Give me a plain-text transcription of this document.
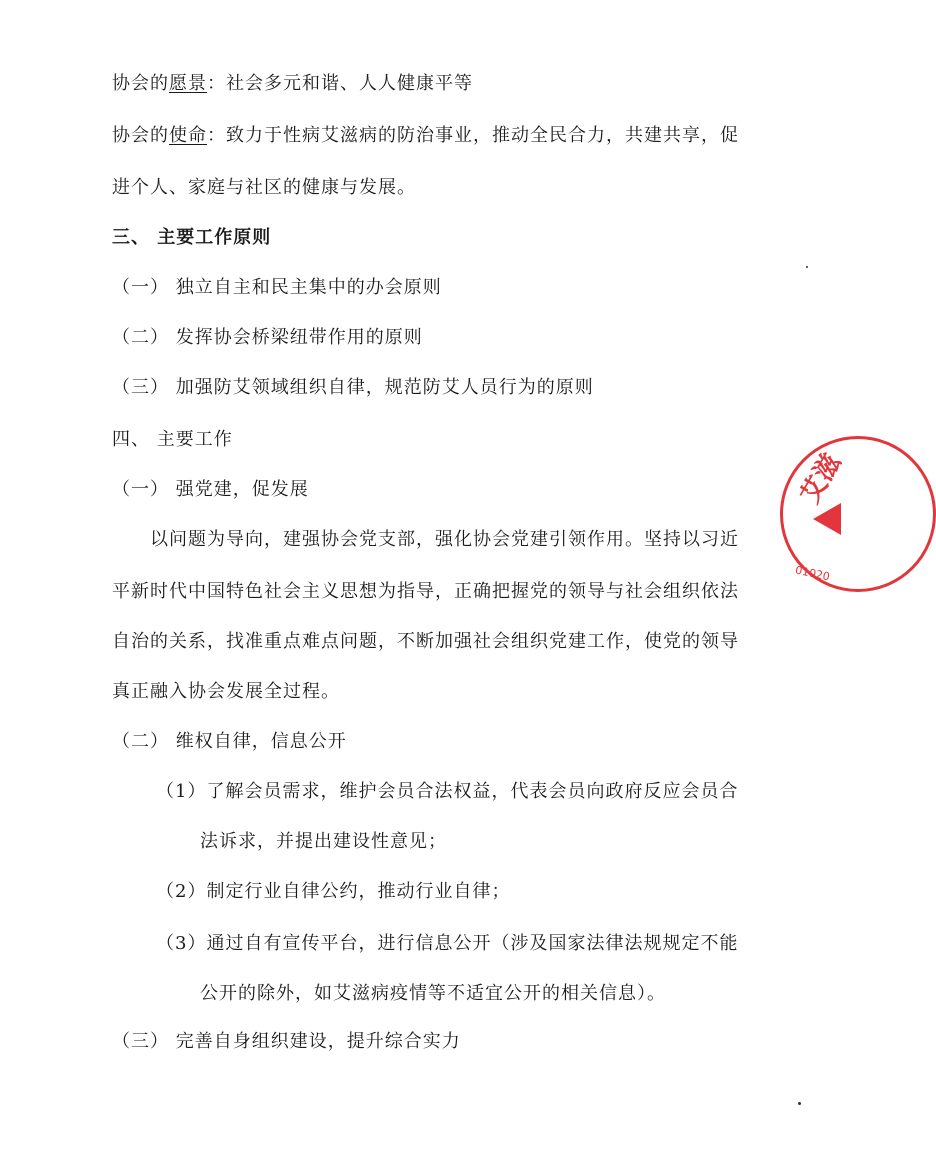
协会的愿景：社会多元和谐、人人健康平等
协会的使命：致力于性病艾滋病的防治事业，推动全民合力，共建共享，促
进个人、家庭与社区的健康与发展。
三、 主要工作原则
（一） 独立自主和民主集中的办会原则
（二） 发挥协会桥梁纽带作用的原则
（三） 加强防艾领域组织自律，规范防艾人员行为的原则
四、 主要工作
（一） 强党建，促发展
以问题为导向，建强协会党支部，强化协会党建引领作用。坚持以习近
平新时代中国特色社会主义思想为指导，正确把握党的领导与社会组织依法
自治的关系，找准重点难点问题，不断加强社会组织党建工作，使党的领导
真正融入协会发展全过程。
（二） 维权自律，信息公开
（1）了解会员需求，维护会员合法权益，代表会员向政府反应会员合
法诉求，并提出建设性意见；
（2）制定行业自律公约，推动行业自律；
（3）通过自有宣传平台，进行信息公开（涉及国家法律法规规定不能
公开的除外，如艾滋病疫情等不适宜公开的相关信息）。
（三） 完善自身组织建设，提升综合实力
艾滋
01020
